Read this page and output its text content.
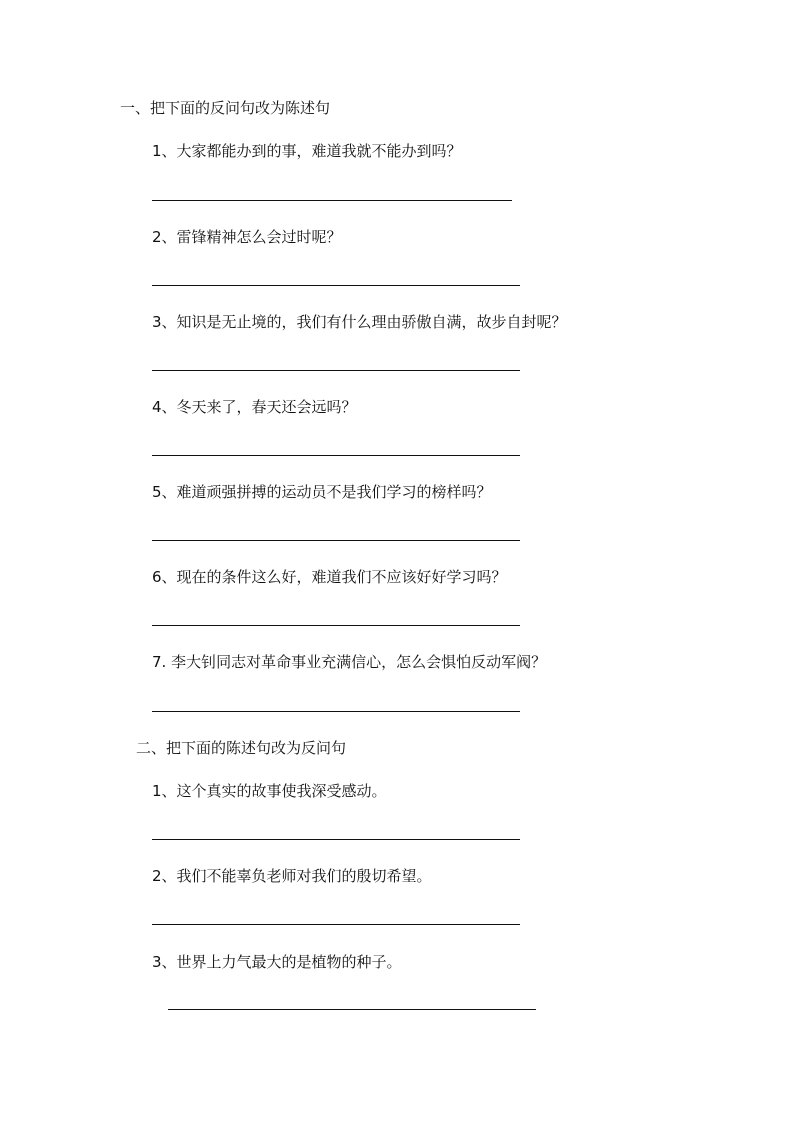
一、把下面的反问句改为陈述句
1、大家都能办到的事，难道我就不能办到吗？
2、雷锋精神怎么会过时呢？
3、知识是无止境的，我们有什么理由骄傲自满，故步自封呢？
4、冬天来了，春天还会远吗？
5、难道顽强拼搏的运动员不是我们学习的榜样吗？
6、现在的条件这么好，难道我们不应该好好学习吗？
7. 李大钊同志对革命事业充满信心，怎么会惧怕反动军阀？
二、把下面的陈述句改为反问句
1、这个真实的故事使我深受感动。
2、我们不能辜负老师对我们的殷切希望。
3、世界上力气最大的是植物的种子。
